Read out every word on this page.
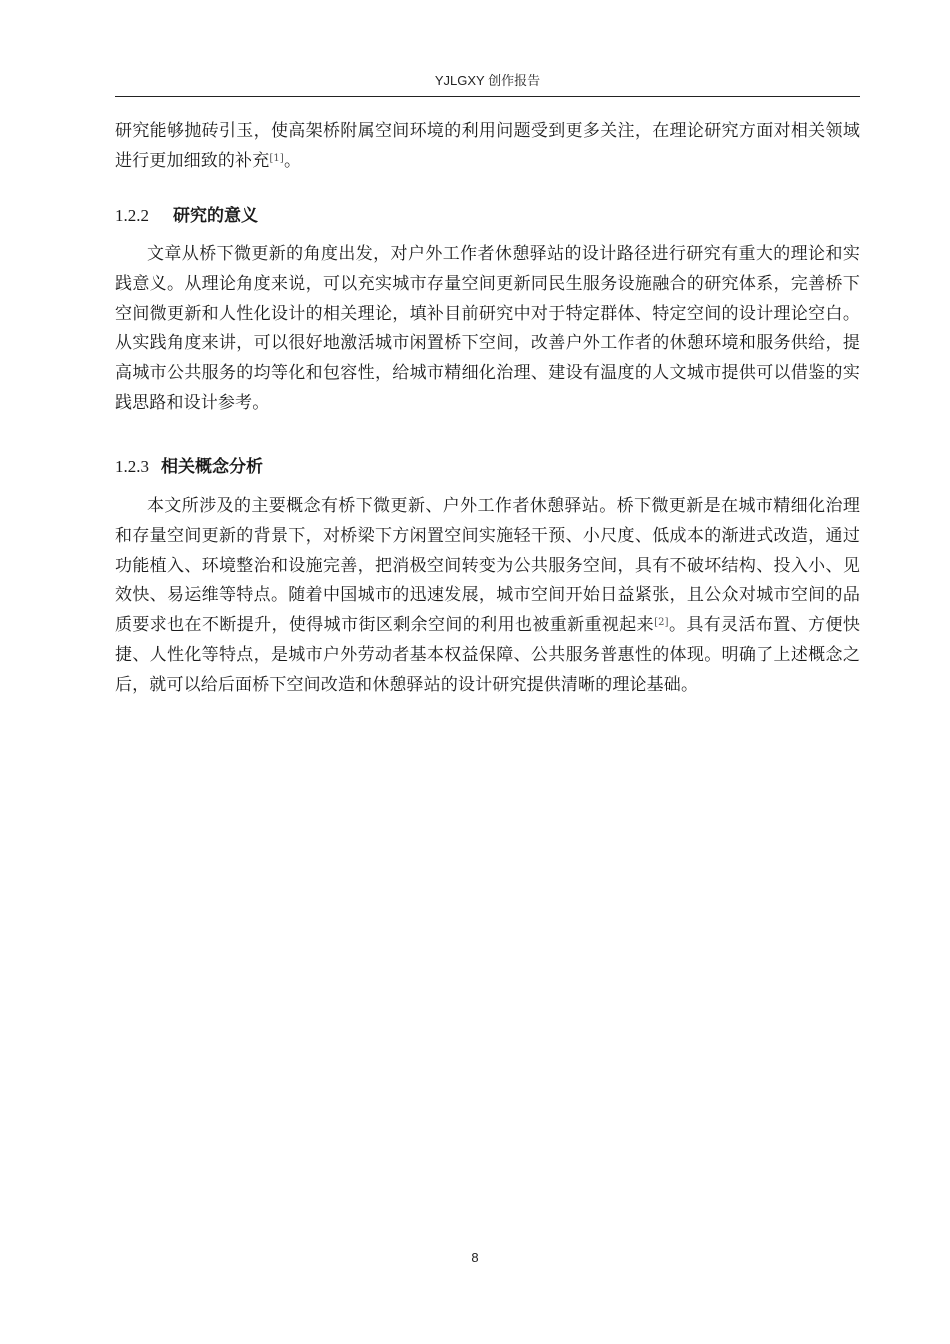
YJLGXY 创作报告

研究能够抛砖引玉，使高架桥附属空间环境的利用问题受到更多关注，在理论研究方面对相关领域进行更加细致的补充[1]。

1.2.2 研究的意义

文章从桥下微更新的角度出发，对户外工作者休憩驿站的设计路径进行研究有重大的理论和实践意义。从理论角度来说，可以充实城市存量空间更新同民生服务设施融合的研究体系，完善桥下空间微更新和人性化设计的相关理论，填补目前研究中对于特定群体、特定空间的设计理论空白。从实践角度来讲，可以很好地激活城市闲置桥下空间，改善户外工作者的休憩环境和服务供给，提高城市公共服务的均等化和包容性，给城市精细化治理、建设有温度的人文城市提供可以借鉴的实践思路和设计参考。

1.2.3 相关概念分析

本文所涉及的主要概念有桥下微更新、户外工作者休憩驿站。桥下微更新是在城市精细化治理和存量空间更新的背景下，对桥梁下方闲置空间实施轻干预、小尺度、低成本的渐进式改造，通过功能植入、环境整治和设施完善，把消极空间转变为公共服务空间，具有不破坏结构、投入小、见效快、易运维等特点。随着中国城市的迅速发展，城市空间开始日益紧张，且公众对城市空间的品质要求也在不断提升，使得城市街区剩余空间的利用也被重新重视起来[2]。具有灵活布置、方便快捷、人性化等特点，是城市户外劳动者基本权益保障、公共服务普惠性的体现。明确了上述概念之后，就可以给后面桥下空间改造和休憩驿站的设计研究提供清晰的理论基础。

8
